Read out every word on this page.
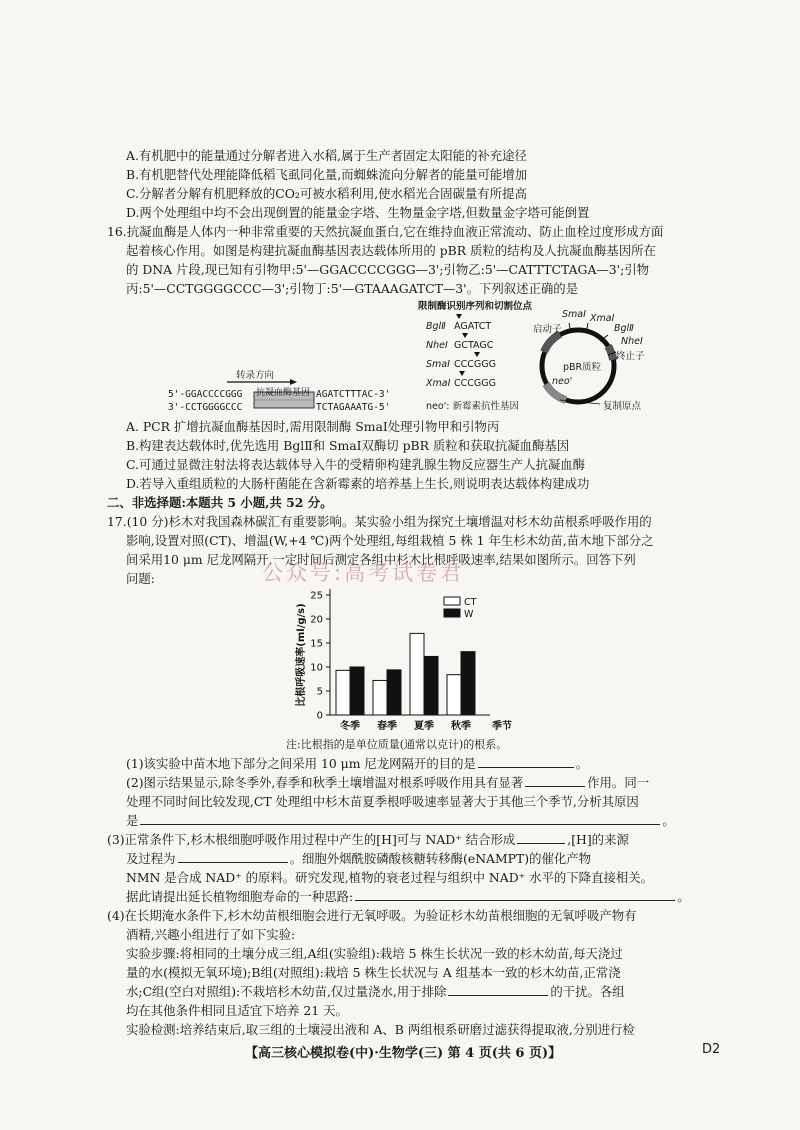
A.有机肥中的能量通过分解者进入水稻,属于生产者固定太阳能的补充途径
B.有机肥替代处理能降低稻飞虱同化量,而蜘蛛流向分解者的能量可能增加
C.分解者分解有机肥释放的CO₂可被水稻利用,使水稻光合固碳量有所提高
D.两个处理组中均不会出现倒置的能量金字塔、生物量金字塔,但数量金字塔可能倒置
16.抗凝血酶是人体内一种非常重要的天然抗凝血蛋白,它在维持血液正常流动、防止血栓过度形成方面
起着核心作用。如图是构建抗凝血酶基因表达载体所用的 pBR 质粒的结构及人抗凝血酶基因所在
的 DNA 片段,现已知有引物甲:5'—GGACCCCGGG—3';引物乙:5'—CATTTCTAGA—3';引物
丙:5'—CCTGGGGCCC—3';引物丁:5'—GTAAAGATCT—3'。下列叙述正确的是
限制酶识别序列和切割位点
BglⅡ AGATCT
NheⅠ GCTAGC
SmaⅠ CCCGGG
XmaⅠ CCCGGG
neo': 新霉素抗性基因
0
5
10
15
20
25
比根呼吸速率(ml/g/s)
冬季 春季 夏季 秋季 季节
CT
W
转录方向
5'-GGACCCCGGG
3'-CCTGGGGCCC
抗凝血酶基因 AGATCTTTAC-3'
TCTAGAAATG-5'
pBR质粒
启动子
终止子
复制原点
neo'
SmaⅠ XmaⅠ
BglⅡ
NheⅠ
A. PCR 扩增抗凝血酶基因时,需用限制酶 SmaⅠ处理引物甲和引物丙
B.构建表达载体时,优先选用 BglⅡ和 SmaⅠ双酶切 pBR 质粒和获取抗凝血酶基因
C.可通过显微注射法将表达载体导入牛的受精卵构建乳腺生物反应器生产人抗凝血酶
D.若导入重组质粒的大肠杆菌能在含新霉素的培养基上生长,则说明表达载体构建成功
二、非选择题:本题共 5 小题,共 52 分。
17.(10 分)杉木对我国森林碳汇有重要影响。某实验小组为探究土壤增温对杉木幼苗根系呼吸作用的
影响,设置对照(CT)、增温(W,+4 ℃)两个处理组,每组栽植 5 株 1 年生杉木幼苗,苗木地下部分之
间采用10 μm 尼龙网隔开,一定时间后测定各组中杉木比根呼吸速率,结果如图所示。回答下列
问题:	公众号:高考试卷君
注:比根指的是单位质量(通常以克计)的根系。
(1)该实验中苗木地下部分之间采用 10 μm 尼龙网隔开的目的是	。
(2)图示结果显示,除冬季外,春季和秋季土壤增温对根系呼吸作用具有显著	作用。同一
处理不同时间比较发现,CT 处理组中杉木苗夏季根呼吸速率显著大于其他三个季节,分析其原因
是	。
(3)正常条件下,杉木根细胞呼吸作用过程中产生的[H]可与 NAD⁺ 结合形成	,[H]的来源
及过程为	。细胞外烟酰胺磷酸核糖转移酶(eNAMPT)的催化产物
NMN 是合成 NAD⁺ 的原料。研究发现,植物的衰老过程与组织中 NAD⁺ 水平的下降直接相关。
据此请提出延长植物细胞寿命的一种思路:	。
(4)在长期淹水条件下,杉木幼苗根细胞会进行无氧呼吸。为验证杉木幼苗根细胞的无氧呼吸产物有
酒精,兴趣小组进行了如下实验:
实验步骤:将相同的土壤分成三组,A组(实验组):栽培 5 株生长状况一致的杉木幼苗,每天浇过
量的水(模拟无氧环境);B组(对照组):栽培 5 株生长状况与 A 组基本一致的杉木幼苗,正常浇
水;C组(空白对照组):不栽培杉木幼苗,仅过量浇水,用于排除	的干扰。各组
均在其他条件相同且适宜下培养 21 天。
实验检测:培养结束后,取三组的土壤浸出液和 A、B 两组根系研磨过滤获得提取液,分别进行检
【高三核心模拟卷(中)·生物学(三) 第 4 页(共 6 页)】	D2
